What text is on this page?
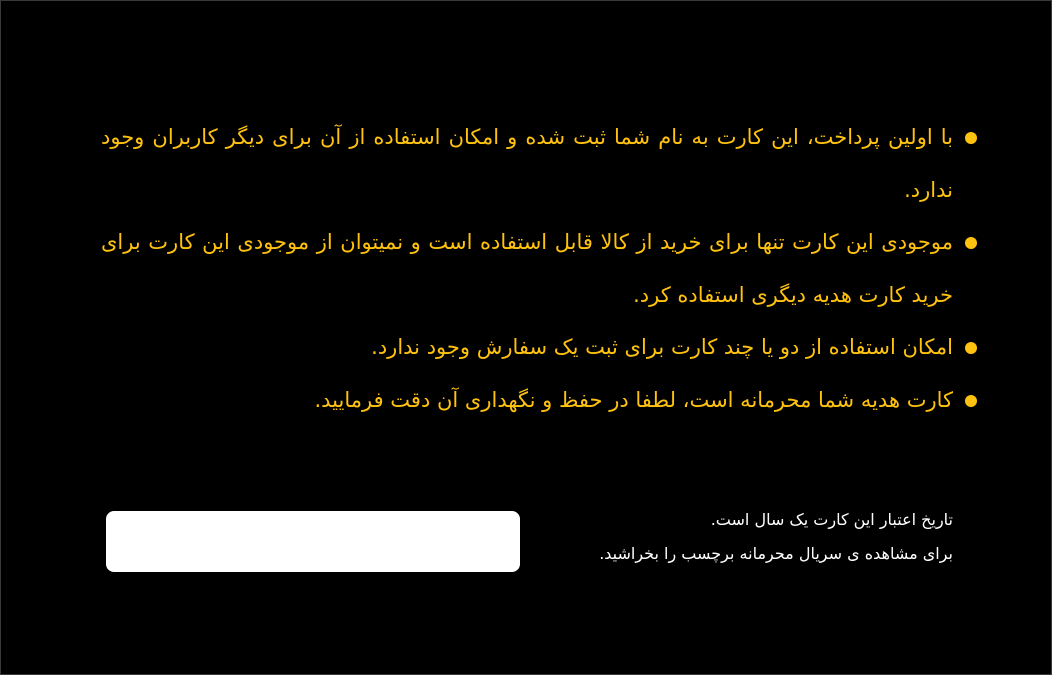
با اولین پرداخت، این کارت به نام شما ثبت شده و امکان استفاده از آن برای دیگر کاربران وجود ندارد.
موجودی این کارت تنها برای خرید از کالا قابل استفاده است و نمیتوان از موجودی این کارت برای خرید کارت هدیه دیگری استفاده کرد.
امکان استفاده از دو یا چند کارت برای ثبت یک سفارش وجود ندارد.
کارت هدیه شما محرمانه است، لطفا در حفظ و نگهداری آن دقت فرمایید.
تاریخ اعتبار این کارت یک سال است.
برای مشاهده ی سریال محرمانه برچسب را بخراشید.
